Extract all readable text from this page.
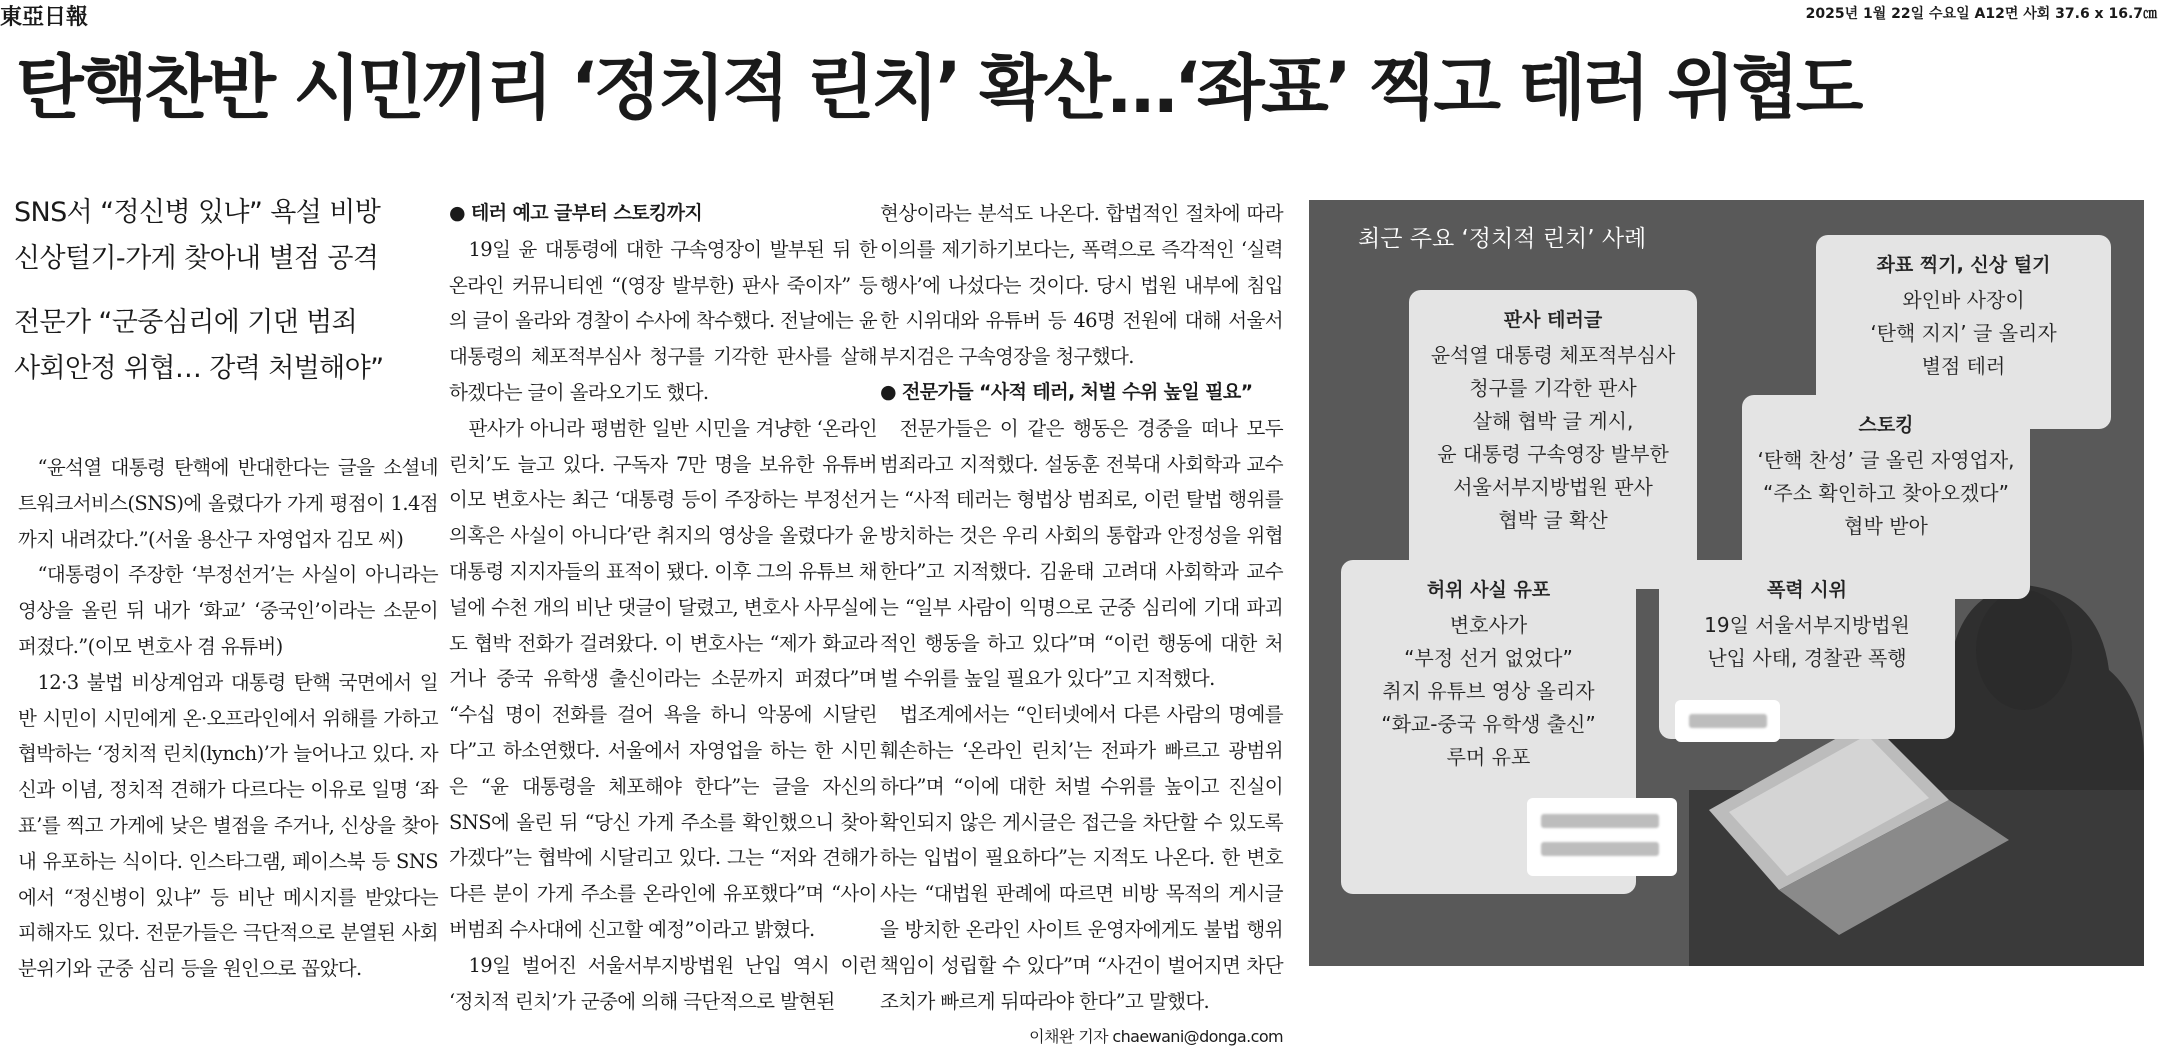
東亞日報	2025년 1월 22일 수요일 A12면 사회 37.6 x 16.7㎝
탄핵찬반 시민끼리 ‘정치적 린치’ 확산…‘좌표’ 찍고 테러 위협도
SNS서 “정신병 있냐” 욕설 비방
신상털기-가게 찾아내 별점 공격
전문가 “군중심리에 기댄 범죄
사회안정 위협… 강력 처벌해야”

“윤석열 대통령 탄핵에 반대한다는 글을 소셜네트워크서비스(SNS)에 올렸다가 가게 평점이 1.4점까지 내려갔다.”(서울 용산구 자영업자 김모 씨)

“대통령이 주장한 ‘부정선거’는 사실이 아니라는 영상을 올린 뒤 내가 ‘화교’ ‘중국인’이라는 소문이 퍼졌다.”(이모 변호사 겸 유튜버)

12·3 불법 비상계엄과 대통령 탄핵 국면에서 일반 시민이 시민에게 온·오프라인에서 위해를 가하고 협박하는 ‘정치적 린치(lynch)’가 늘어나고 있다. 자신과 이념, 정치적 견해가 다르다는 이유로 일명 ‘좌표’를 찍고 가게에 낮은 별점을 주거나, 신상을 찾아내 유포하는 식이다. 인스타그램, 페이스북 등 SNS에서 “정신병이 있냐” 등 비난 메시지를 받았다는 피해자도 있다. 전문가들은 극단적으로 분열된 사회 분위기와 군중 심리 등을 원인으로 꼽았다.

● 테러 예고 글부터 스토킹까지

19일 윤 대통령에 대한 구속영장이 발부된 뒤 한 온라인 커뮤니티엔 “(영장 발부한) 판사 죽이자” 등의 글이 올라와 경찰이 수사에 착수했다. 전날에는 윤 대통령의 체포적부심사 청구를 기각한 판사를 살해하겠다는 글이 올라오기도 했다.

판사가 아니라 평범한 일반 시민을 겨냥한 ‘온라인 린치’도 늘고 있다. 구독자 7만 명을 보유한 유튜버 이모 변호사는 최근 ‘대통령 등이 주장하는 부정선거 의혹은 사실이 아니다’란 취지의 영상을 올렸다가 윤 대통령 지지자들의 표적이 됐다. 이후 그의 유튜브 채널에 수천 개의 비난 댓글이 달렸고, 변호사 사무실에도 협박 전화가 걸려왔다. 이 변호사는 “제가 화교라거나 중국 유학생 출신이라는 소문까지 퍼졌다”며 “수십 명이 전화를 걸어 욕을 하니 악몽에 시달린다”고 하소연했다. 서울에서 자영업을 하는 한 시민은 “윤 대통령을 체포해야 한다”는 글을 자신의 SNS에 올린 뒤 “당신 가게 주소를 확인했으니 찾아가겠다”는 협박에 시달리고 있다. 그는 “저와 견해가 다른 분이 가게 주소를 온라인에 유포했다”며 “사이버범죄 수사대에 신고할 예정”이라고 밝혔다.

19일 벌어진 서울서부지방법원 난입 역시 이런 ‘정치적 린치’가 군중에 의해 극단적으로 발현된

현상이라는 분석도 나온다. 합법적인 절차에 따라 이의를 제기하기보다는, 폭력으로 즉각적인 ‘실력 행사’에 나섰다는 것이다. 당시 법원 내부에 침입한 시위대와 유튜버 등 46명 전원에 대해 서울서부지검은 구속영장을 청구했다.

● 전문가들 “사적 테러, 처벌 수위 높일 필요”

전문가들은 이 같은 행동은 경중을 떠나 모두 범죄라고 지적했다. 설동훈 전북대 사회학과 교수는 “사적 테러는 형법상 범죄로, 이런 탈법 행위를 방치하는 것은 우리 사회의 통합과 안정성을 위협한다”고 지적했다. 김윤태 고려대 사회학과 교수는 “일부 사람이 익명으로 군중 심리에 기대 파괴적인 행동을 하고 있다”며 “이런 행동에 대한 처벌 수위를 높일 필요가 있다”고 지적했다.

법조계에서는 “인터넷에서 다른 사람의 명예를 훼손하는 ‘온라인 린치’는 전파가 빠르고 광범위하다”며 “이에 대한 처벌 수위를 높이고 진실이 확인되지 않은 게시글은 접근을 차단할 수 있도록 하는 입법이 필요하다”는 지적도 나온다. 한 변호사는 “대법원 판례에 따르면 비방 목적의 게시글을 방치한 온라인 사이트 운영자에게도 불법 행위 책임이 성립할 수 있다”며 “사건이 벌어지면 차단 조치가 빠르게 뒤따라야 한다”고 말했다.

이채완 기자 chaewani@donga.com
최근 주요 ‘정치적 린치’ 사례
좌표 찍기, 신상 털기
와인바 사장이
‘탄핵 지지’ 글 올리자
별점 테러
스토킹
‘탄핵 찬성’ 글 올린 자영업자,
“주소 확인하고 찾아오겠다”
협박 받아
판사 테러글
윤석열 대통령 체포적부심사
청구를 기각한 판사
살해 협박 글 게시,
윤 대통령 구속영장 발부한
서울서부지방법원 판사
협박 글 확산
허위 사실 유포
변호사가
“부정 선거 없었다”
취지 유튜브 영상 올리자
“화교-중국 유학생 출신”
루머 유포
폭력 시위
19일 서울서부지방법원
난입 사태, 경찰관 폭행
